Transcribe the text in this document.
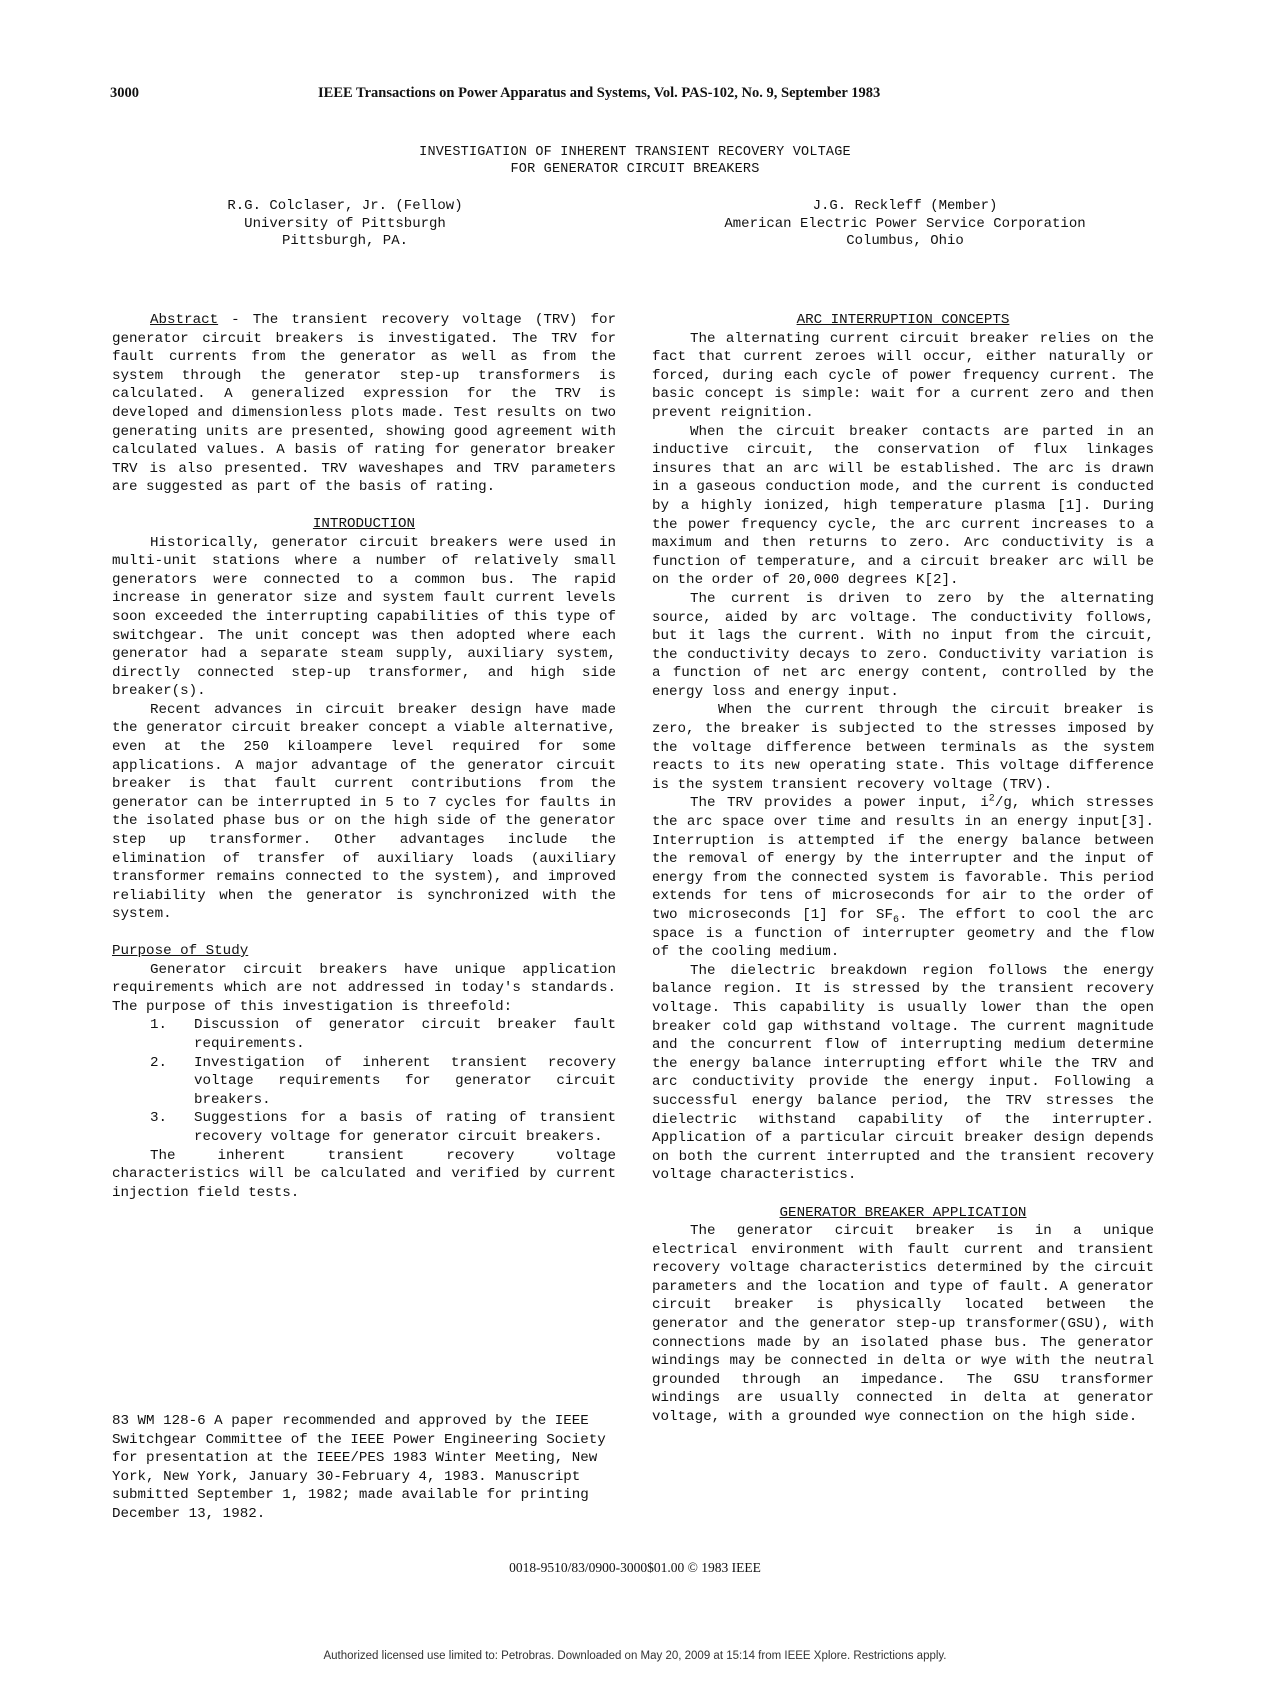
3000	IEEE Transactions on Power Apparatus and Systems, Vol. PAS-102, No. 9, September 1983
INVESTIGATION OF INHERENT TRANSIENT RECOVERY VOLTAGE
FOR GENERATOR CIRCUIT BREAKERS
R.G. Colclaser, Jr. (Fellow)
University of Pittsburgh
Pittsburgh, PA.
J.G. Reckleff (Member)
American Electric Power Service Corporation
Columbus, Ohio

Abstract - The transient recovery voltage (TRV) for generator circuit breakers is investigated. The TRV for fault currents from the generator as well as from the system through the generator step-up transformers is calculated. A generalized expression for the TRV is developed and dimensionless plots made. Test results on two generating units are presented, showing good agreement with calculated values. A basis of rating for generator breaker TRV is also presented. TRV waveshapes and TRV parameters are suggested as part of the basis of rating.

INTRODUCTION

Historically, generator circuit breakers were used in multi-unit stations where a number of relatively small generators were connected to a common bus. The rapid increase in generator size and system fault current levels soon exceeded the interrupting capabilities of this type of switchgear. The unit concept was then adopted where each generator had a separate steam supply, auxiliary system, directly connected step-up transformer, and high side breaker(s).

Recent advances in circuit breaker design have made the generator circuit breaker concept a viable alternative, even at the 250 kiloampere level required for some applications. A major advantage of the generator circuit breaker is that fault current contributions from the generator can be interrupted in 5 to 7 cycles for faults in the isolated phase bus or on the high side of the generator step up transformer. Other advantages include the elimination of transfer of auxiliary loads (auxiliary transformer remains connected to the system), and improved reliability when the generator is synchronized with the system.

Purpose of Study

Generator circuit breakers have unique application requirements which are not addressed in today's standards. The purpose of this investigation is threefold:

1. Discussion of generator circuit breaker fault requirements.
2. Investigation of inherent transient recovery voltage requirements for generator circuit breakers.
3. Suggestions for a basis of rating of transient recovery voltage for generator circuit breakers.

The inherent transient recovery voltage characteristics will be calculated and verified by current injection field tests.

83 WM 128-6 A paper recommended and approved by the IEEE Switchgear Committee of the IEEE Power Engineering Society for presentation at the IEEE/PES 1983 Winter Meeting, New York, New York, January 30-February 4, 1983. Manuscript submitted September 1, 1982; made available for printing December 13, 1982.

ARC INTERRUPTION CONCEPTS

The alternating current circuit breaker relies on the fact that current zeroes will occur, either naturally or forced, during each cycle of power frequency current. The basic concept is simple: wait for a current zero and then prevent reignition.

When the circuit breaker contacts are parted in an inductive circuit, the conservation of flux linkages insures that an arc will be established. The arc is drawn in a gaseous conduction mode, and the current is conducted by a highly ionized, high temperature plasma [1]. During the power frequency cycle, the arc current increases to a maximum and then returns to zero. Arc conductivity is a function of temperature, and a circuit breaker arc will be on the order of 20,000 degrees K[2].

The current is driven to zero by the alternating source, aided by arc voltage. The conductivity follows, but it lags the current. With no input from the circuit, the conductivity decays to zero. Conductivity variation is a function of net arc energy content, controlled by the energy loss and energy input.

When the current through the circuit breaker is zero, the breaker is subjected to the stresses imposed by the voltage difference between terminals as the system reacts to its new operating state. This voltage difference is the system transient recovery voltage (TRV).

The TRV provides a power input, $i^2/g$, which stresses the arc space over time and results in an energy input[3]. Interruption is attempted if the energy balance between the removal of energy by the interrupter and the input of energy from the connected system is favorable. This period extends for tens of microseconds for air to the order of two microseconds [1] for $SF_6$. The effort to cool the arc space is a function of interrupter geometry and the flow of the cooling medium.

The dielectric breakdown region follows the energy balance region. It is stressed by the transient recovery voltage. This capability is usually lower than the open breaker cold gap withstand voltage. The current magnitude and the concurrent flow of interrupting medium determine the energy balance interrupting effort while the TRV and arc conductivity provide the energy input. Following a successful energy balance period, the TRV stresses the dielectric withstand capability of the interrupter. Application of a particular circuit breaker design depends on both the current interrupted and the transient recovery voltage characteristics.

GENERATOR BREAKER APPLICATION

The generator circuit breaker is in a unique electrical environment with fault current and transient recovery voltage characteristics determined by the circuit parameters and the location and type of fault. A generator circuit breaker is physically located between the generator and the generator step-up transformer(GSU), with connections made by an isolated phase bus. The generator windings may be connected in delta or wye with the neutral grounded through an impedance. The GSU transformer windings are usually connected in delta at generator voltage, with a grounded wye connection on the high side.

0018-9510/83/0900-3000$01.00 © 1983 IEEE
Authorized licensed use limited to: Petrobras. Downloaded on May 20, 2009 at 15:14 from IEEE Xplore. Restrictions apply.
